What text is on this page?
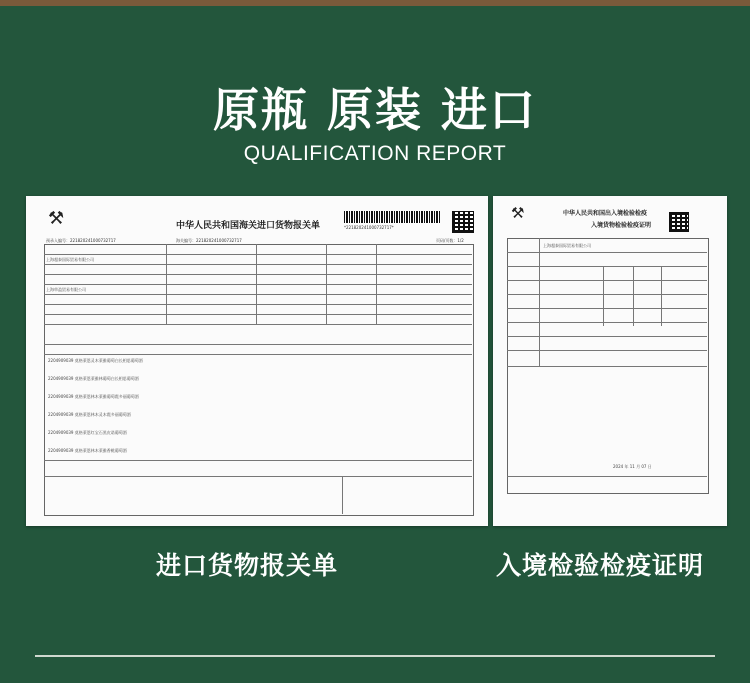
原瓶 原装 进口
QUALIFICATION REPORT
⚒	中华人民共和国海关进口货物报关单	*221820241000732717*
预录入编号：221820241000732717	海关编号：221820241000732717	页码/页数：1/2
上海超泰国际贸易有限公司
上海草盈贸易有限公司
2204909039 莫格莱恩灵木莱雅葡萄白长相思葡萄酒
2204909039 莫格莱恩莱雅林葡萄白长相思葡萄酒
2204909039 莫格莱恩林木莱雅葡萄霞多丽葡萄酒
2204909039 莫格莱恩林木灵木霞多丽葡萄酒
2204909039 莫格莱恩红宝石黑皮诺葡萄酒
2204909039 莫格莱恩林木莱雅香桃葡萄酒
⚒	中华人民共和国出入境检验检疫
入境货物检验检疫证明
上海超泰国际贸易有限公司
2024 年 11 月 07 日
进口货物报关单	入境检验检疫证明
